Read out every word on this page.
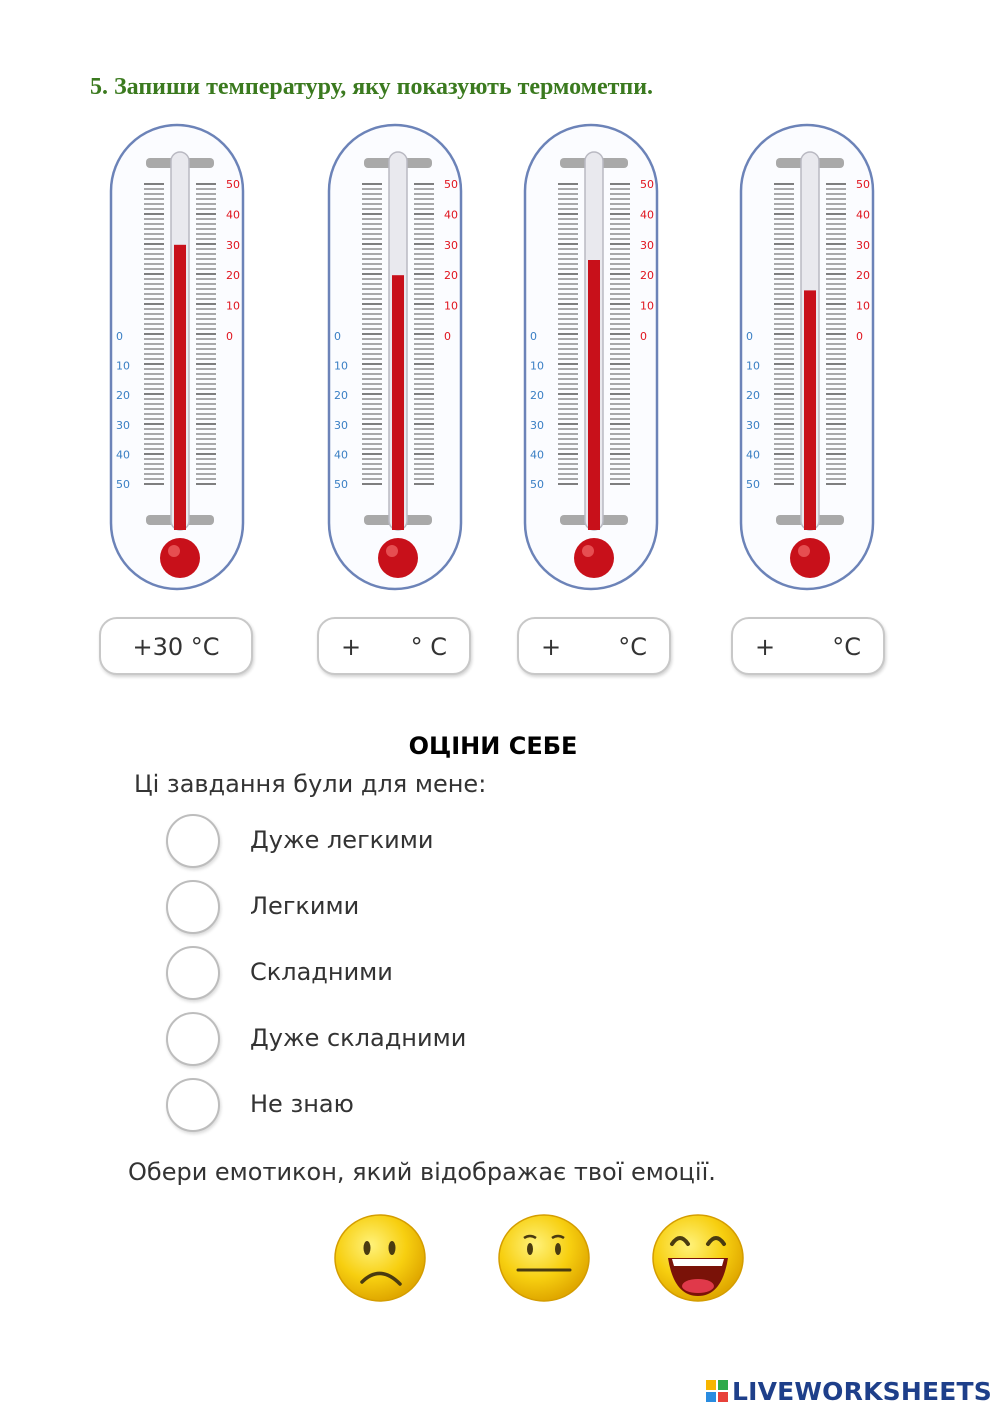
5. Запиши температуру, яку показують термометпи.

50
40
30
20
10
0
0
10
20
30
40
50
50
40
30
20
10
0
0
10
20
30
40
50
50
40
30
20
10
0
0
10
20
30
40
50
50
40
30
20
10
0
0
10
20
30
40
50
+30 °C	+ ° C	+ °C	+ °C
ОЦІНИ СЕБЕ
Ці завдання були для мене:
Дуже легкими
Легкими
Складними
Дуже складними
Не знаю
Обери емотикон, який відображає твої емоції.
LIVEWORKSHEETS
